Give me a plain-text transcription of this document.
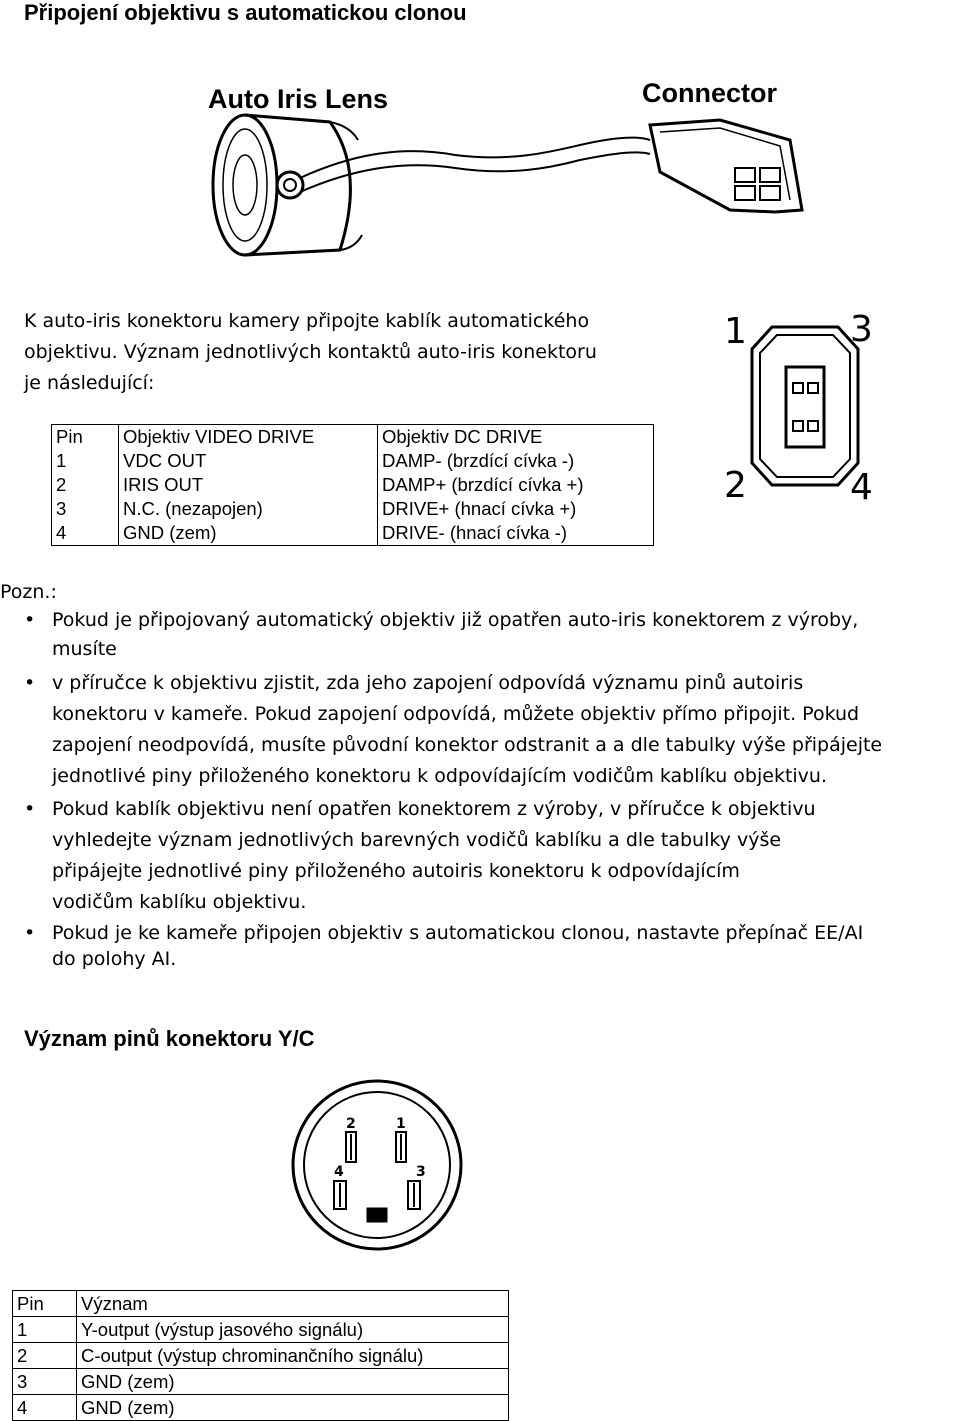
Připojení objektivu s automatickou clonou
Auto Iris Lens	Connector
K auto-iris konektoru kamery připojte kablík automatického
objektivu. Význam jednotlivých kontaktů auto-iris konektoru
je následující:
1	3
2	4
Pin	Objektiv VIDEO DRIVE	Objektiv DC DRIVE
1	VDC OUT	DAMP- (brzdící cívka -)
2	IRIS OUT	DAMP+ (brzdící cívka +)
3	N.C. (nezapojen)	DRIVE+ (hnací cívka +)
4	GND (zem)	DRIVE- (hnací cívka -)
Pozn.:
• Pokud je připojovaný automatický objektiv již opatřen auto-iris konektorem z výroby,
musíte
• v příručce k objektivu zjistit, zda jeho zapojení odpovídá významu pinů autoiris
konektoru v kameře. Pokud zapojení odpovídá, můžete objektiv přímo připojit. Pokud
zapojení neodpovídá, musíte původní konektor odstranit a a dle tabulky výše připájejte
jednotlivé piny přiloženého konektoru k odpovídajícím vodičům kablíku objektivu.
• Pokud kablík objektivu není opatřen konektorem z výroby, v příručce k objektivu
vyhledejte význam jednotlivých barevných vodičů kablíku a dle tabulky výše
připájejte jednotlivé piny přiloženého autoiris konektoru k odpovídajícím
vodičům kablíku objektivu.
• Pokud je ke kameře připojen objektiv s automatickou clonou, nastavte přepínač EE/AI
do polohy AI.
Význam pinů konektoru Y/C
2	1
4	3
Pin	Význam
1	Y-output (výstup jasového signálu)
2	C-output (výstup chrominančního signálu)
3	GND (zem)
4	GND (zem)
